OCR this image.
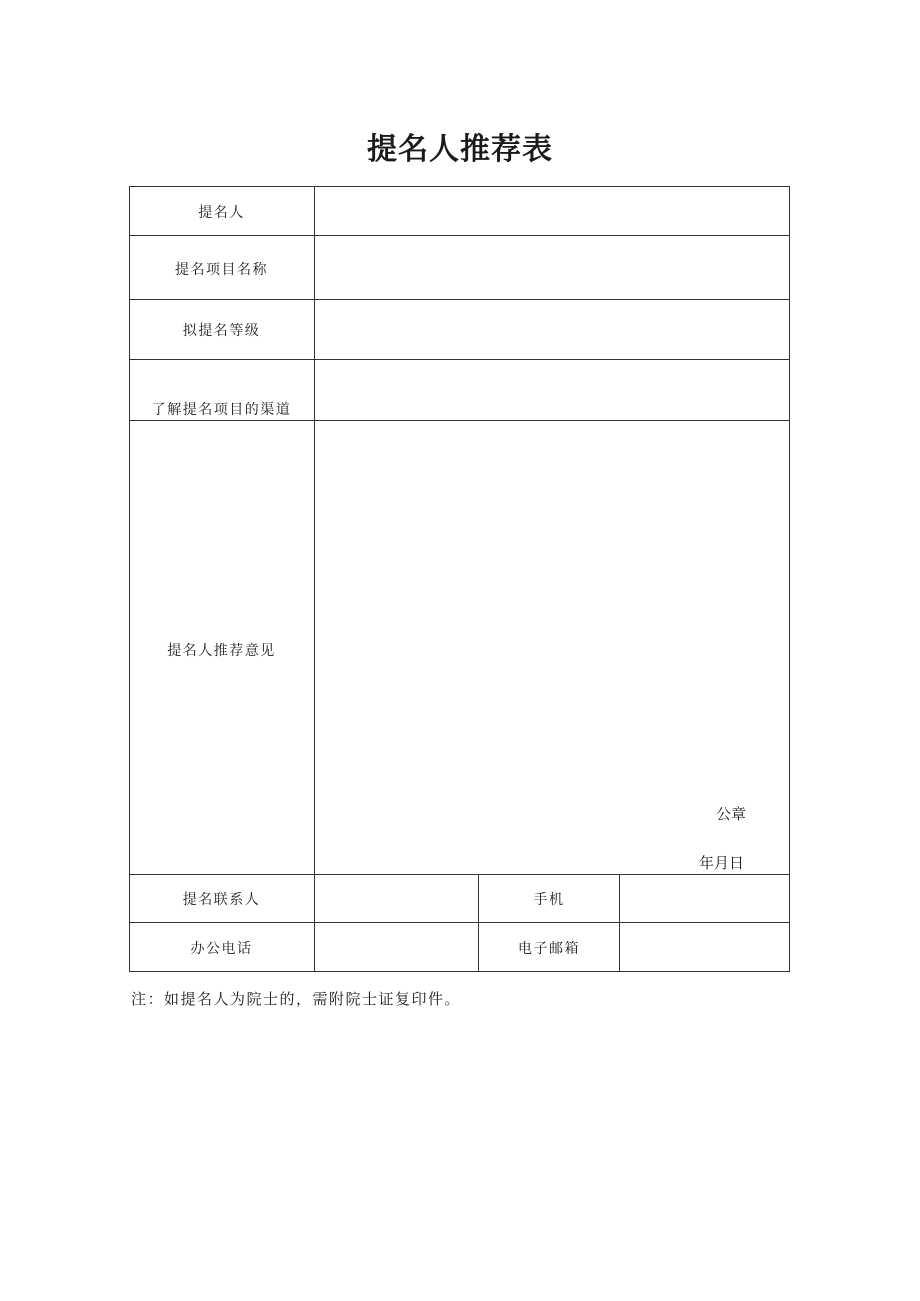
提名人推荐表
提名人
提名项目名称
拟提名等级
了解提名项目的渠道
提名人推荐意见
提名联系人	手机
办公电话	电子邮箱
公章
年月日
注：如提名人为院士的，需附院士证复印件。
